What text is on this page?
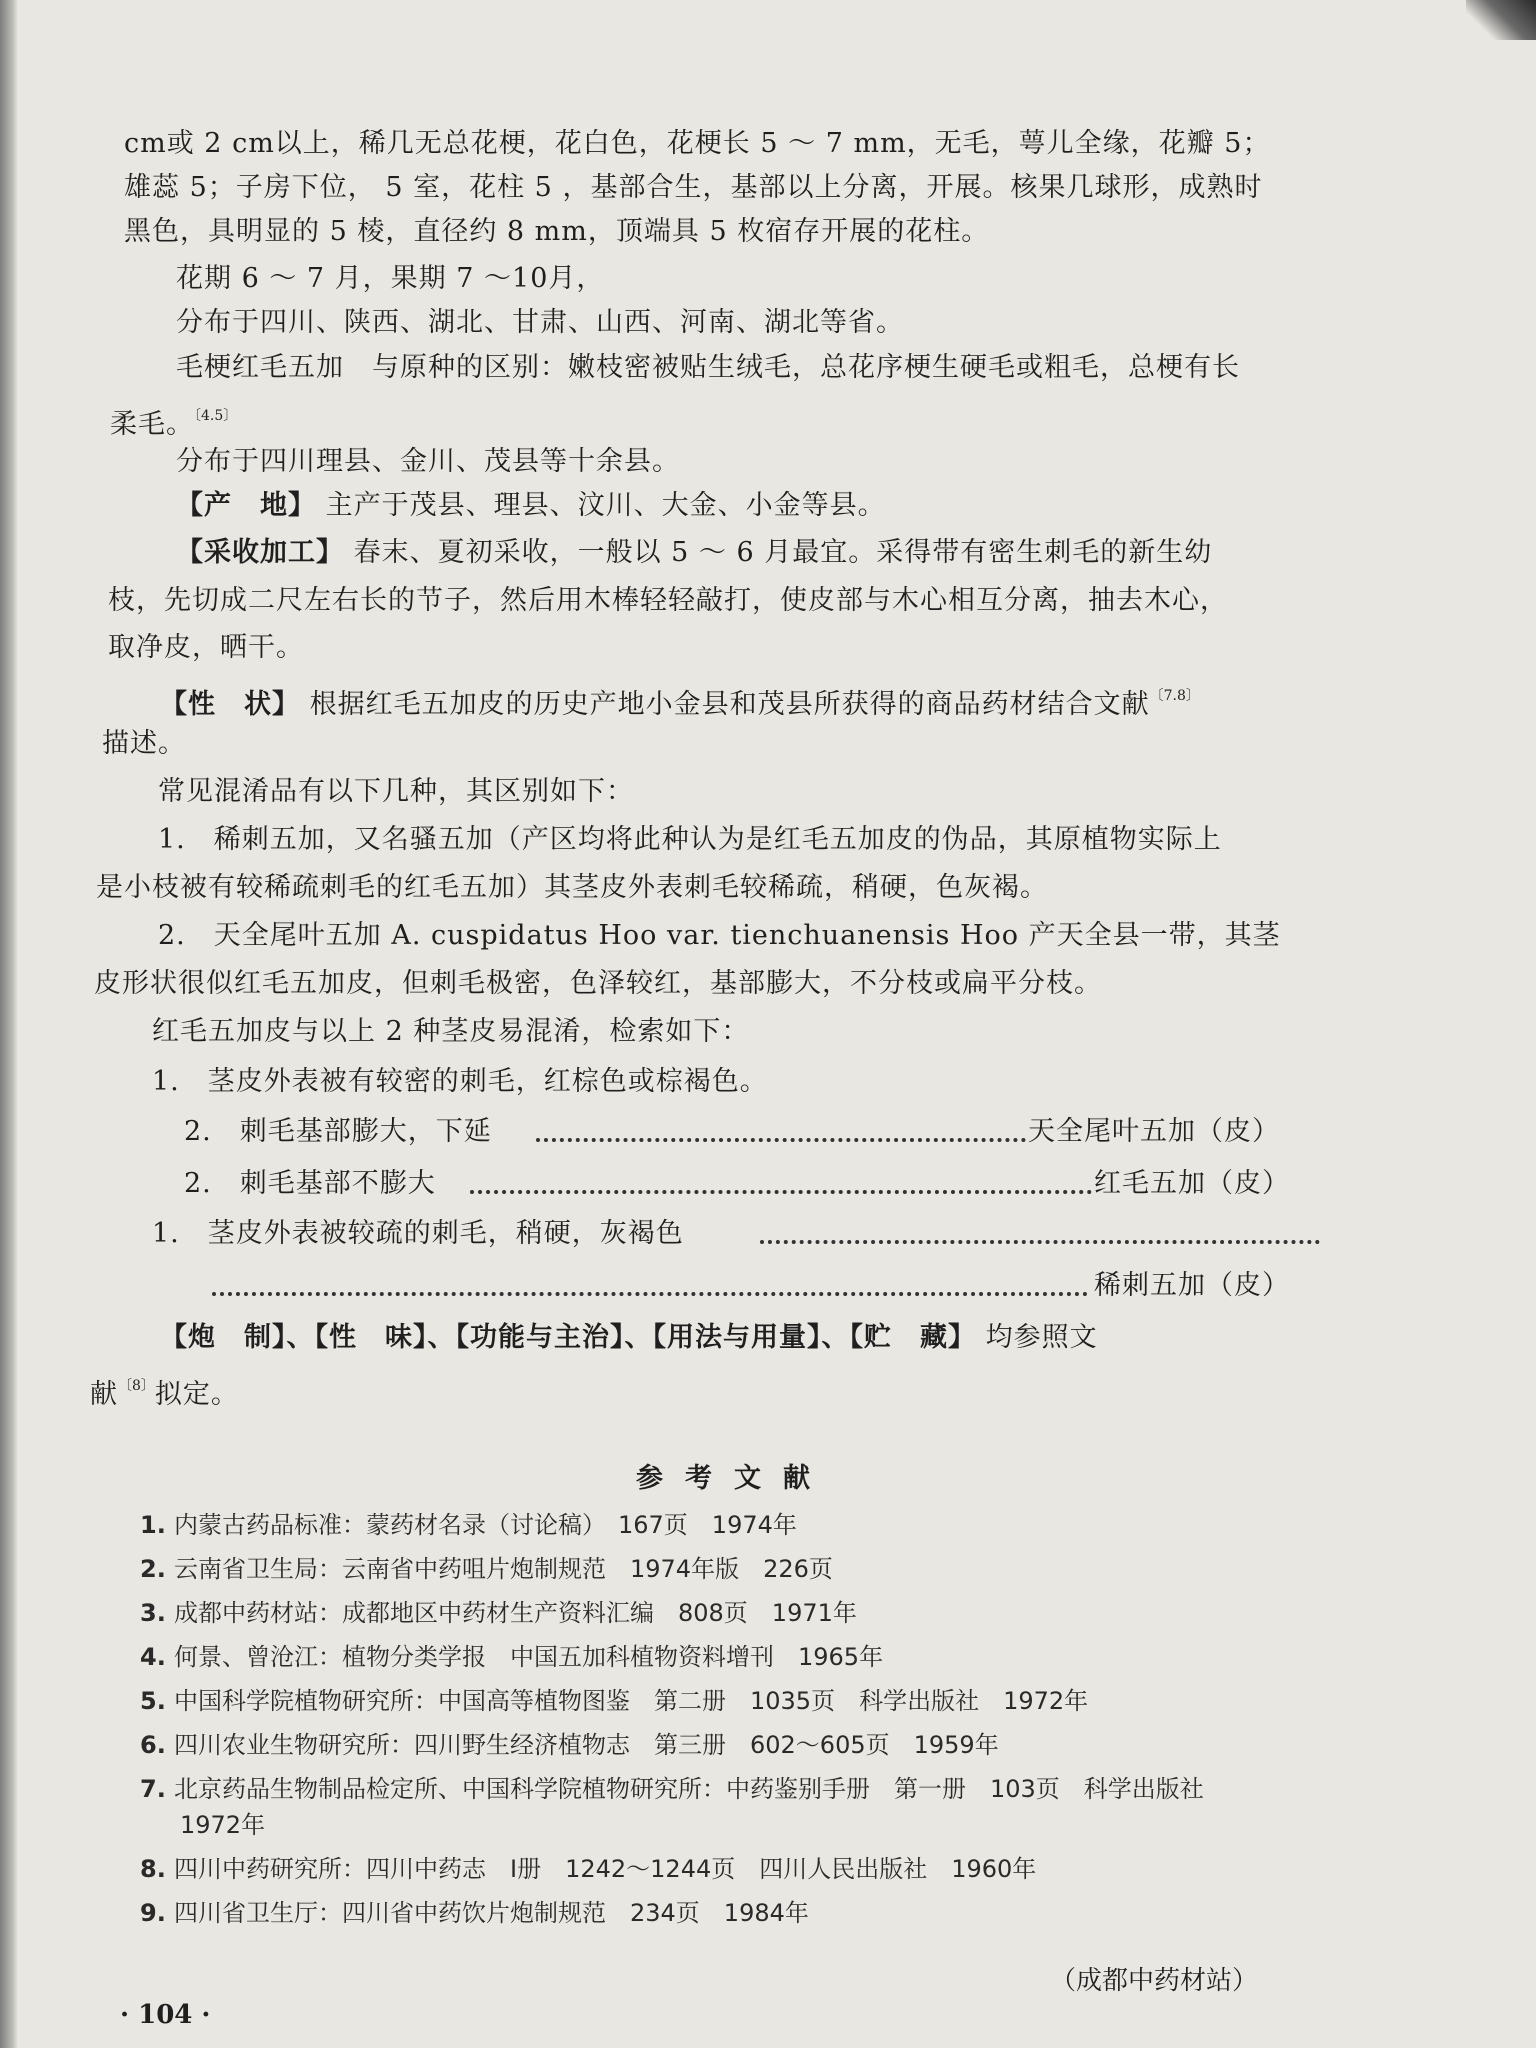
cm或 2 cm以上，稀几无总花梗，花白色，花梗长 5 ～ 7 mm，无毛，萼儿全缘，花瓣 5；
雄蕊 5；子房下位， 5 室，花柱 5 ，基部合生，基部以上分离，开展。核果几球形，成熟时
黑色，具明显的 5 棱，直径约 8 mm，顶端具 5 枚宿存开展的花柱。
花期 6 ～ 7 月，果期 7 ～10月，
分布于四川、陕西、湖北、甘肃、山西、河南、湖北等省。
毛梗红毛五加　与原种的区别：嫩枝密被贴生绒毛，总花序梗生硬毛或粗毛，总梗有长
柔毛。$^{〔4.5〕}$
分布于四川理县、金川、茂县等十余县。
【产　地】 主产于茂县、理县、汶川、大金、小金等县。
【采收加工】 春末、夏初采收，一般以 5 ～ 6 月最宜。采得带有密生刺毛的新生幼
枝，先切成二尺左右长的节子，然后用木棒轻轻敲打，使皮部与木心相互分离，抽去木心，
取净皮，晒干。
【性　状】 根据红毛五加皮的历史产地小金县和茂县所获得的商品药材结合文献$^{〔7.8〕}$
描述。
常见混淆品有以下几种，其区别如下：
1.　稀刺五加，又名骚五加（产区均将此种认为是红毛五加皮的伪品，其原植物实际上
是小枝被有较稀疏刺毛的红毛五加）其茎皮外表刺毛较稀疏，稍硬，色灰褐。
2.　天全尾叶五加 A. cuspidatus Hoo var. tienchuanensis Hoo 产天全县一带，其茎
皮形状很似红毛五加皮，但刺毛极密，色泽较红，基部膨大，不分枝或扁平分枝。
红毛五加皮与以上 2 种茎皮易混淆，检索如下：
1.　茎皮外表被有较密的刺毛，红棕色或棕褐色。
2.　刺毛基部膨大，下延	天全尾叶五加（皮）
2.　刺毛基部不膨大	红毛五加（皮）
1.　茎皮外表被较疏的刺毛，稍硬，灰褐色
稀刺五加（皮）
【炮　制】、【性　味】、【功能与主治】、【用法与用量】、【贮　藏】 均参照文
献$^{〔8〕}$拟定。
参考文献
1. 内蒙古药品标准：蒙药材名录（讨论稿）　167页　1974年
2. 云南省卫生局：云南省中药咀片炮制规范　1974年版　226页
3. 成都中药材站：成都地区中药材生产资料汇编　808页　1971年
4. 何景、曾沧江：植物分类学报　中国五加科植物资料增刊　1965年
5. 中国科学院植物研究所：中国高等植物图鉴　第二册　1035页　科学出版社　1972年
6. 四川农业生物研究所：四川野生经济植物志　第三册　602～605页　1959年
7. 北京药品生物制品检定所、中国科学院植物研究所：中药鉴别手册　第一册　103页　科学出版社
1972年
8. 四川中药研究所：四川中药志　Ⅰ册　1242～1244页　四川人民出版社　1960年
9. 四川省卫生厅：四川省中药饮片炮制规范　234页　1984年
（成都中药材站）
· 104 ·
